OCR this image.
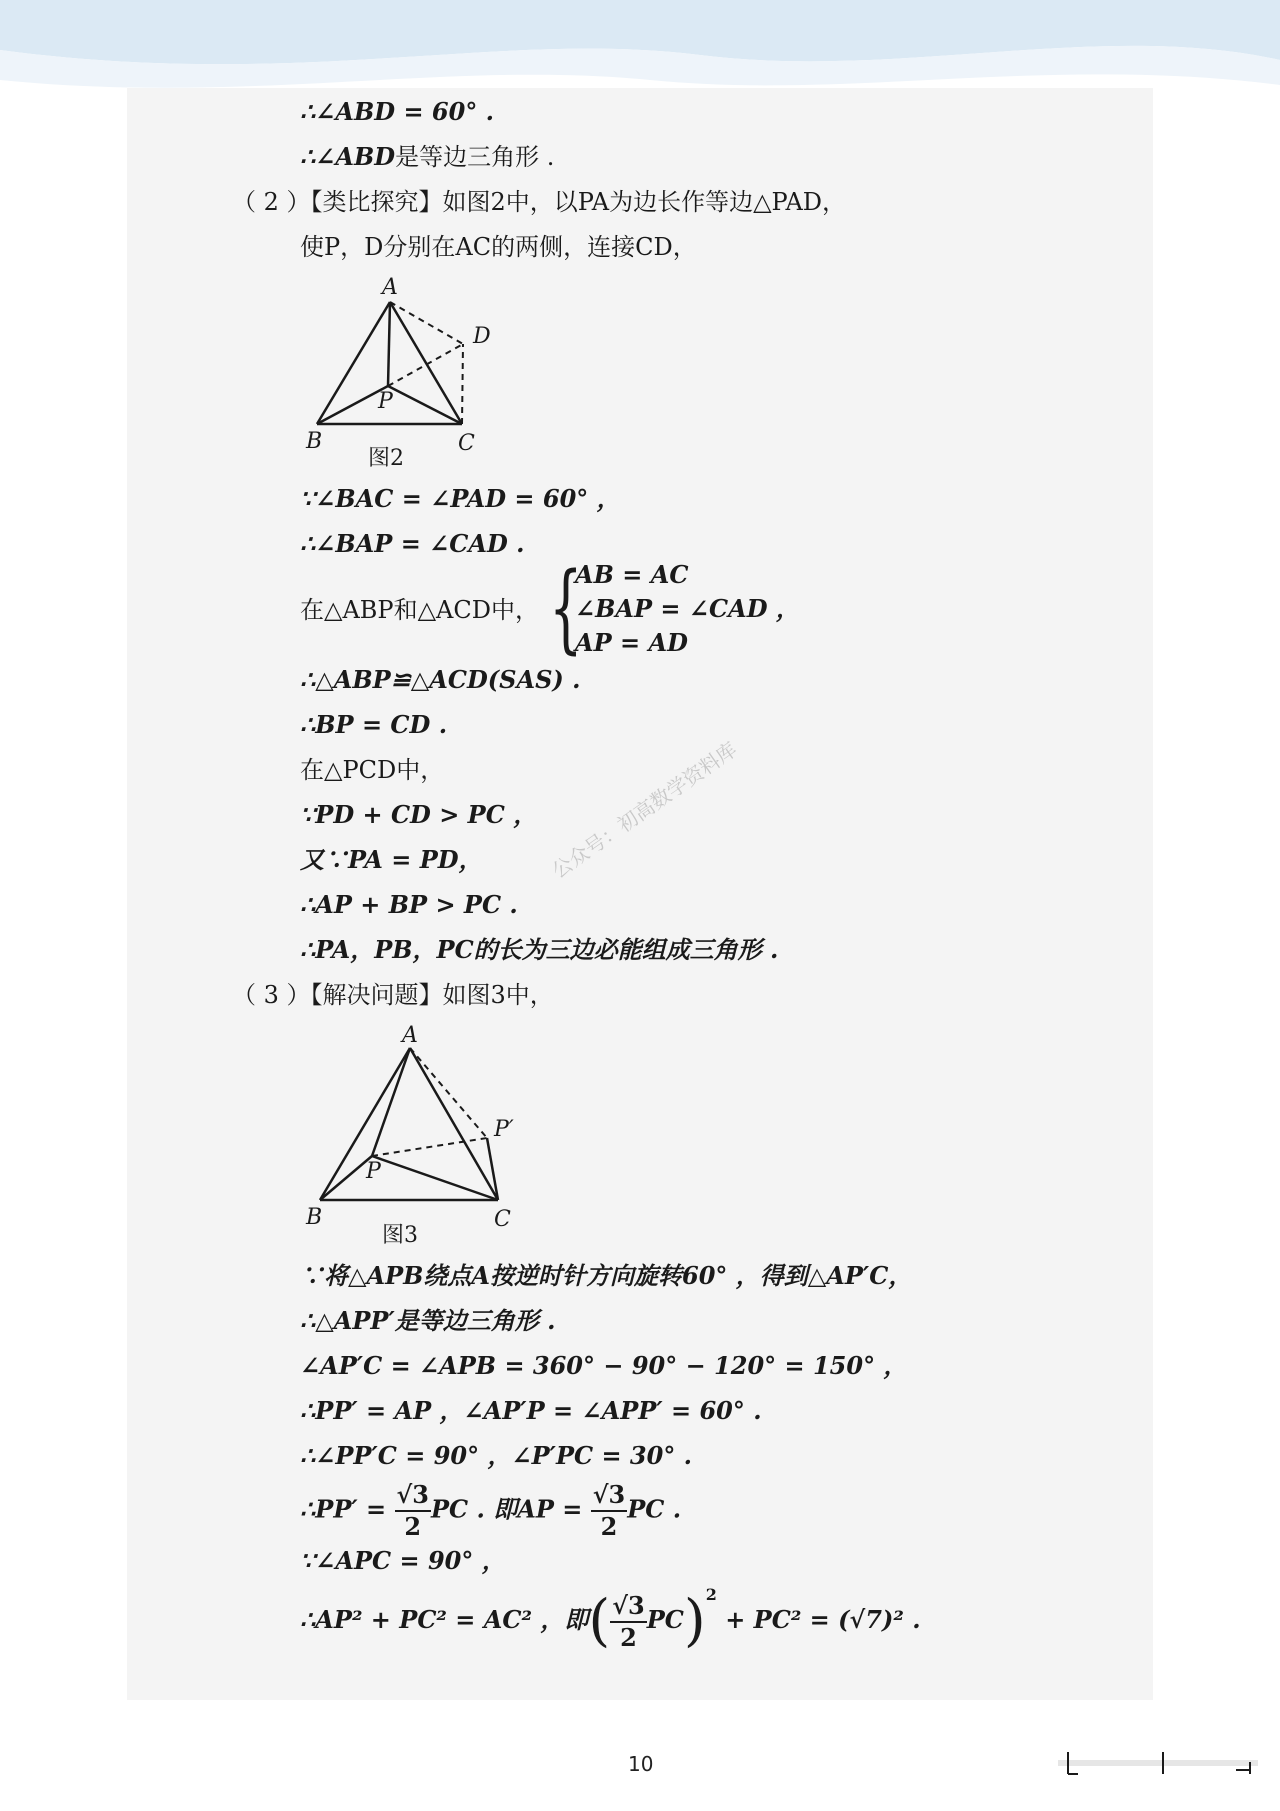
∴∠ABD = 60° .
∴∠ABD是等边三角形 .
（ 2 ）【类比探究】如图2中，以PA为边长作等边△PAD，
使P，D分别在AC的两侧，连接CD，
A
D
P
B	C
图2
∵∠BAC = ∠PAD = 60° ，
∴∠BAP = ∠CAD .
在△ABP和△ACD中， {
AB = AC
∠BAP = ∠CAD ，
AP = AD
∴△ABP≌△ACD(SAS) .
∴BP = CD .
在△PCD中，
∵PD + CD > PC ，
又∵PA = PD，
∴AP + BP > PC .
∴PA，PB，PC的长为三边必能组成三角形 .
（ 3 ）【解决问题】如图3中，
A
P′
P
B	C
图3
∵将△APB绕点A按逆时针方向旋转60° ，得到△AP′C，
∴△APP′是等边三角形 .
∠AP′C = ∠APB = 360° − 90° − 120° = 150° ，
∴PP′ = AP ，∠AP′P = ∠APP′ = 60° .
∴∠PP′C = 90° ，∠P′PC = 30° .
∴PP′ = $\frac{√3}{2}$ PC . 即AP = $\frac{√3}{2}$ PC .
∵∠APC = 90° ，
∴AP² + PC² = AC² ，即( $\frac{√3}{2} PC)^2 + PC^2 = (√7)^2$ .
公众号：初高数学资料库
10
